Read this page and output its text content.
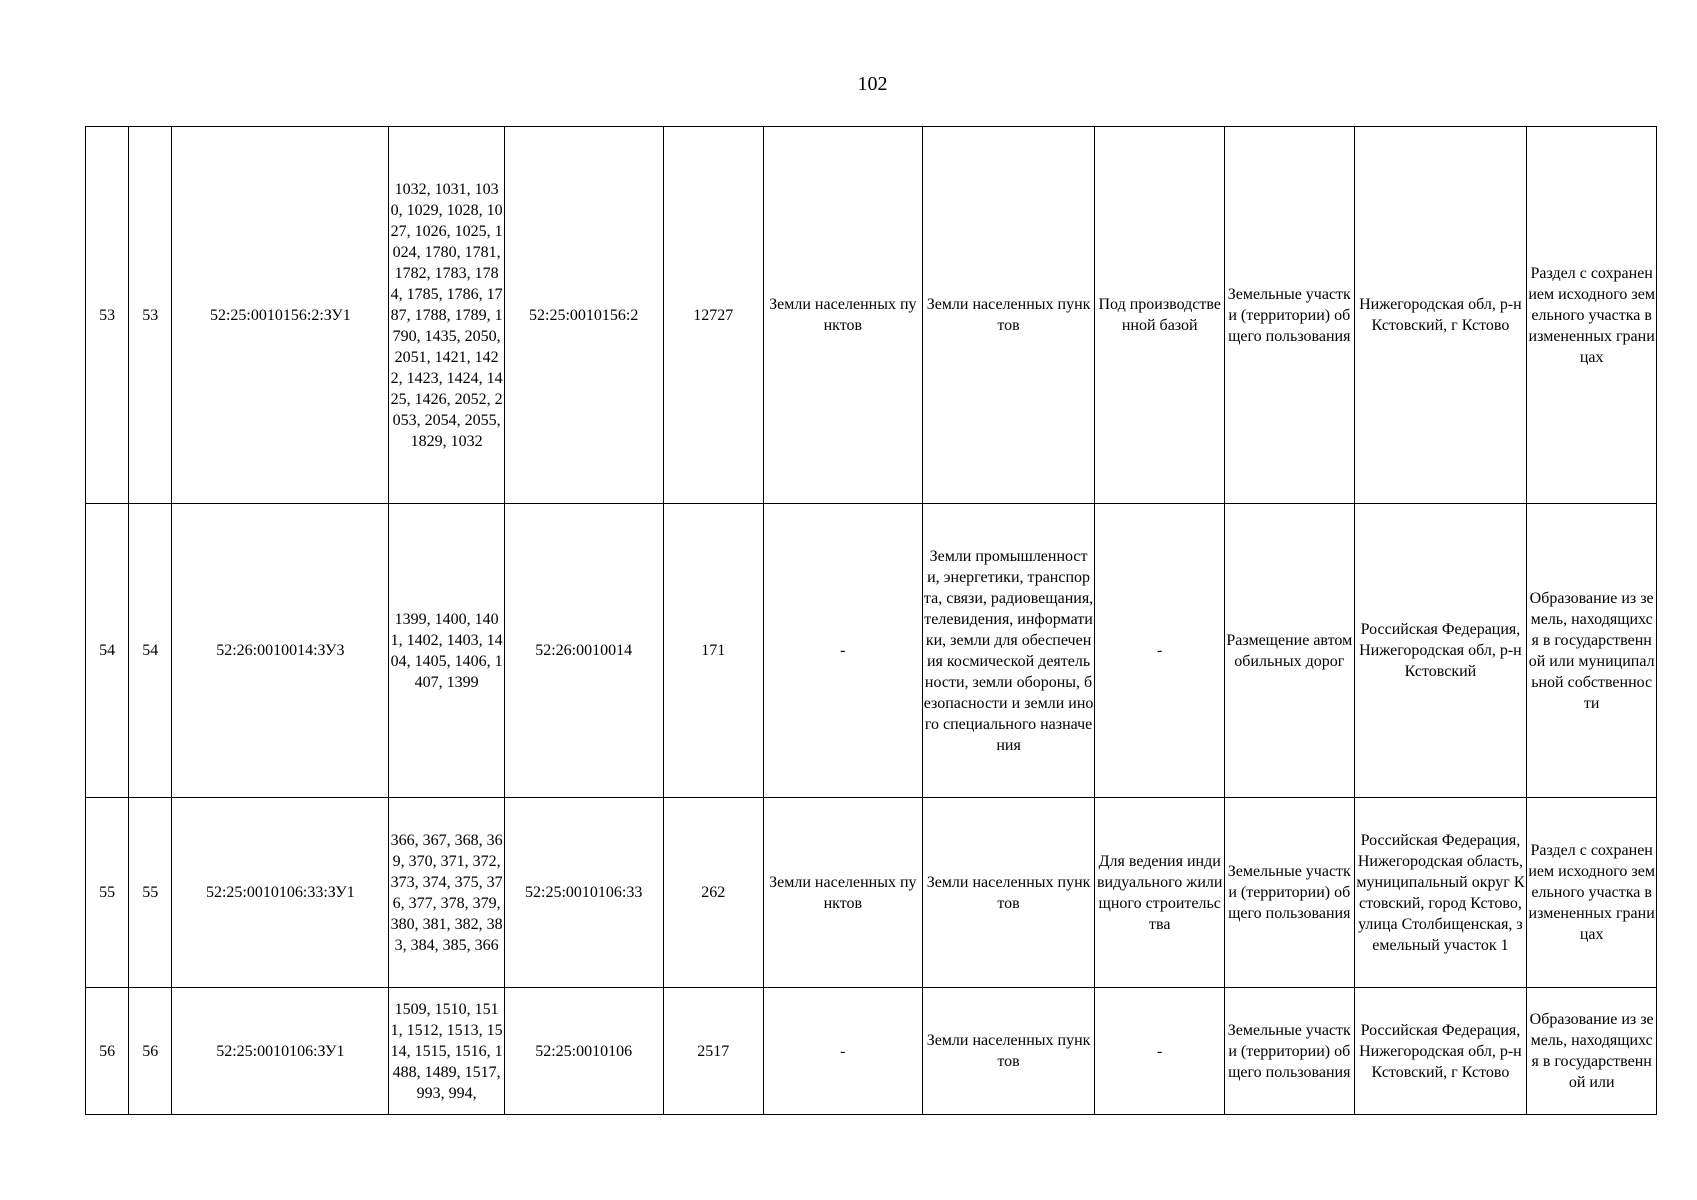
102
53	53	52:25:0010156:2:ЗУ1	1032, 1031, 1030, 1029, 1028, 1027, 1026, 1025, 1024, 1780, 1781, 1782, 1783, 1784, 1785, 1786, 1787, 1788, 1789, 1790, 1435, 2050, 2051, 1421, 1422, 1423, 1424, 1425, 1426, 2052, 2053, 2054, 2055, 1829, 1032	52:25:0010156:2	12727	Земли населенных пунктов	Земли населенных пунктов	Под производственной базой	Земельные участки (территории) общего пользования	Нижегородская обл, р-н Кстовский, г Кстово	Раздел с сохранением исходного земельного участка в измененных границах
54	54	52:26:0010014:ЗУ3	1399, 1400, 1401, 1402, 1403, 1404, 1405, 1406, 1407, 1399	52:26:0010014	171	-	Земли промышленности, энергетики, транспорта, связи, радиовещания, телевидения, информатики, земли для обеспечения космической деятельности, земли обороны, безопасности и земли иного специального назначения	-	Размещение автомобильных дорог	Российская Федерация, Нижегородская обл, р-н Кстовский	Образование из земель, находящихся в государственной или муниципальной собственности
55	55	52:25:0010106:33:ЗУ1	366, 367, 368, 369, 370, 371, 372, 373, 374, 375, 376, 377, 378, 379, 380, 381, 382, 383, 384, 385, 366	52:25:0010106:33	262	Земли населенных пунктов	Земли населенных пунктов	Для ведения индивидуального жилищного строительства	Земельные участки (территории) общего пользования	Российская Федерация, Нижегородская область, муниципальный округ Кстовский, город Кстово, улица Столбищенская, земельный участок 1	Раздел с сохранением исходного земельного участка в измененных границах
56	56	52:25:0010106:ЗУ1	1509, 1510, 1511, 1512, 1513, 1514, 1515, 1516, 1488, 1489, 1517, 993, 994,	52:25:0010106	2517	-	Земли населенных пунктов	-	Земельные участки (территории) общего пользования	Российская Федерация, Нижегородская обл, р-н Кстовский, г Кстово	Образование из земель, находящихся в государственной или
